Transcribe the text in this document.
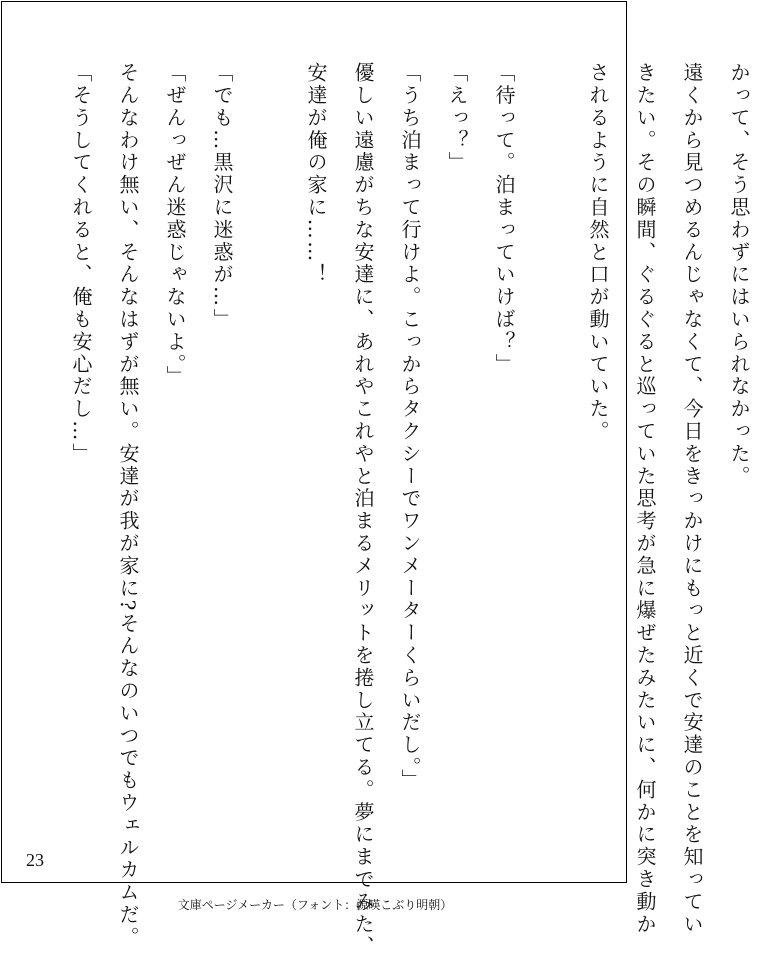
かって、そう思わずにはいられなかった。
遠くから見つめるんじゃなくて、今日をきっかけにもっと近くで安達のことを知ってい
きたい。その瞬間、ぐるぐると巡っていた思考が急に爆ぜたみたいに、何かに突き動か
されるように自然と口が動いていた。
「待って。泊まっていけば？」
「えっ？」
「うち泊まって行けよ。こっからタクシーでワンメーターくらいだし。」
優しい遠慮がちな安達に、あれやこれやと泊まるメリットを捲し立てる。夢にまでみた、
安達が俺の家に……！
「でも…黒沢に迷惑が…」
「ぜんっぜん迷惑じゃないよ。」
そんなわけ無い、そんなはずが無い。安達が我が家に?そんなのいつでもウェルカムだ。
「そうしてくれると、俺も安心だし…」
23
文庫ページメーカー（フォント：源暎こぶり明朝）
